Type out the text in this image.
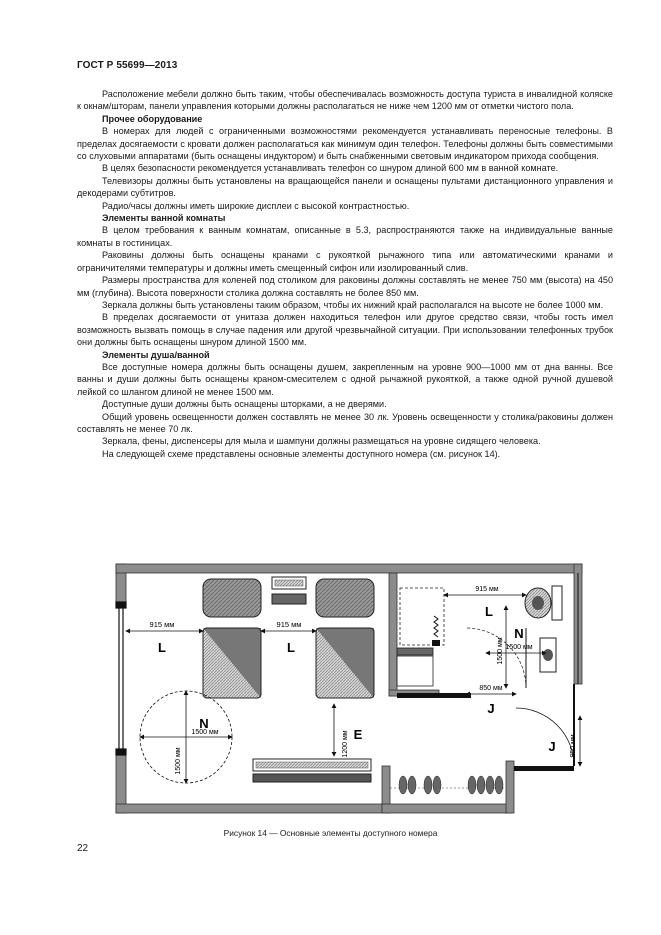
ГОСТ Р 55699—2013

Расположение мебели должно быть таким, чтобы обеспечивалась возможность доступа туриста в инвалидной коляске к окнам/шторам, панели управления которыми должны располагаться не ниже чем 1200 мм от отметки чистого пола.

Прочее оборудование

В номерах для людей с ограниченными возможностями рекомендуется устанавливать переносные телефоны. В пределах досягаемости с кровати должен располагаться как минимум один телефон. Телефоны должны быть совместимыми со слуховыми аппаратами (быть оснащены индуктором) и быть снабженными световым индикатором прихода сообщения.

В целях безопасности рекомендуется устанавливать телефон со шнуром длиной 600 мм в ванной комнате.

Телевизоры должны быть установлены на вращающейся панели и оснащены пультами дистанционного управления и декодерами субтитров.

Радио/часы должны иметь широкие дисплеи с высокой контрастностью.

Элементы ванной комнаты

В целом требования к ванным комнатам, описанные в 5.3, распространяются также на индивидуальные ванные комнаты в гостиницах.

Раковины должны быть оснащены кранами с рукояткой рычажного типа или автоматическими кранами и ограничителями температуры и должны иметь смещенный сифон или изолированный слив.

Размеры пространства для коленей под столиком для раковины должны составлять не менее 750 мм (высота) на 450 мм (глубина). Высота поверхности столика должна составлять не более 850 мм.

Зеркала должны быть установлены таким образом, чтобы их нижний край располагался на высоте не более 1000 мм.

В пределах досягаемости от унитаза должен находиться телефон или другое средство связи, чтобы гость имел возможность вызвать помощь в случае падения или другой чрезвычайной ситуации. При использовании телефонных трубок они должны быть оснащены шнуром длиной 1500 мм.

Элементы душа/ванной

Все доступные номера должны быть оснащены душем, закрепленным на уровне 900—1000 мм от дна ванны. Все ванны и души должны быть оснащены краном-смесителем с одной рычажной рукояткой, а также одной ручной душевой лейкой со шлангом длиной не менее 1500 мм.

Доступные души должны быть оснащены шторками, а не дверями.

Общий уровень освещенности должен составлять не менее 30 лк. Уровень освещенности у столика/раковины должен составлять не менее 70 лк.

Зеркала, фены, диспенсеры для мыла и шампуни должны размещаться на уровне сидящего человека.

На следующей схеме представлены основные элементы доступного номера (см. рисунок 14).

915 мм	915 мм
L	L
N
1500 мм
1500 мм
1200 мм E
915 мм
L
N
1500 мм
1500 мм
850 мм
J
J 850 мм
Рисунок 14 — Основные элементы доступного номера
22
